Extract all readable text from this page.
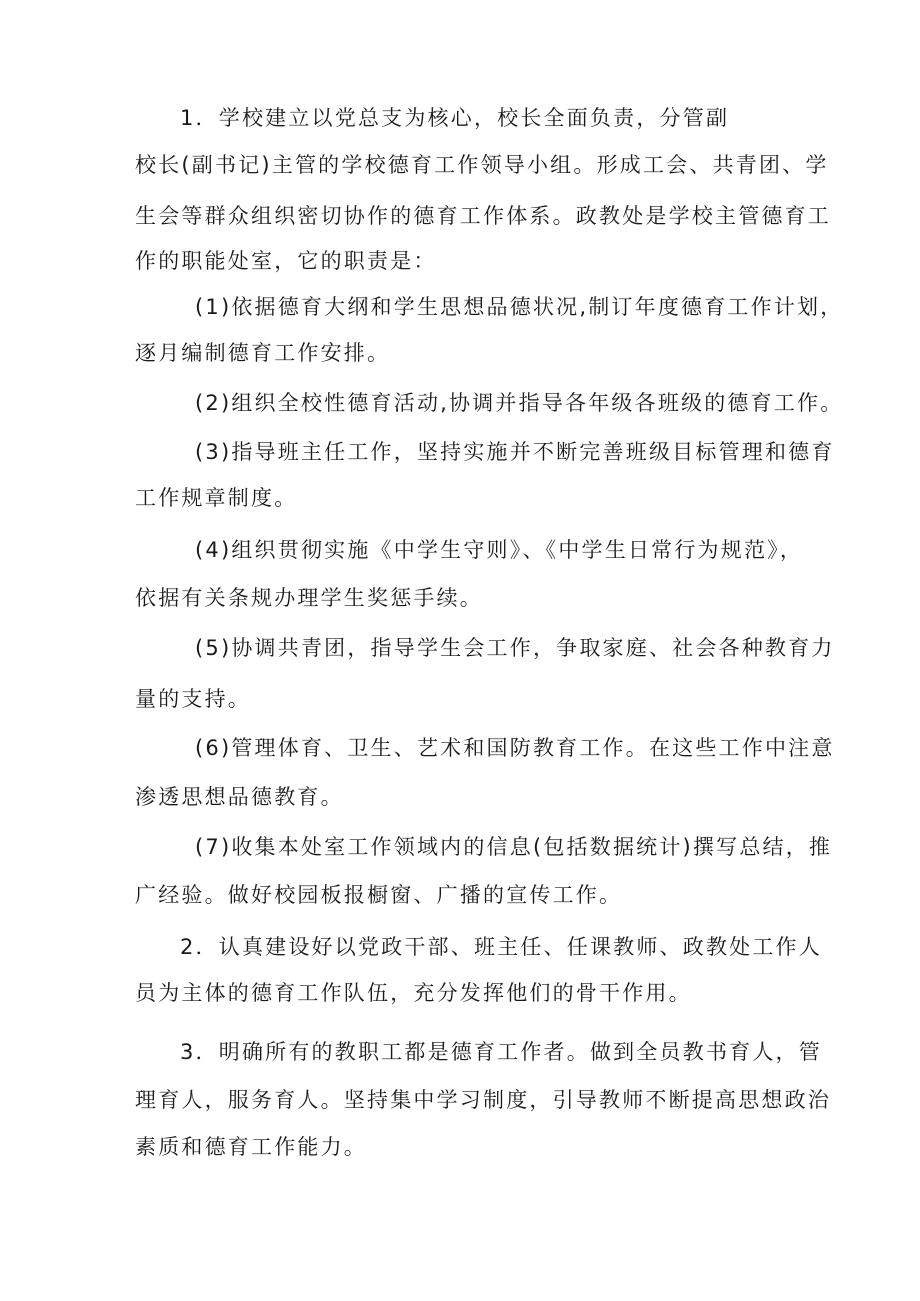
1．学校建立以党总支为核心，校长全面负责，分管副
校长(副书记)主管的学校德育工作领导小组。形成工会、共青团、学
生会等群众组织密切协作的德育工作体系。政教处是学校主管德育工
作的职能处室，它的职责是：
(1)依据德育大纲和学生思想品德状况,制订年度德育工作计划，
逐月编制德育工作安排。
(2)组织全校性德育活动,协调并指导各年级各班级的德育工作。
(3)指导班主任工作，坚持实施并不断完善班级目标管理和德育
工作规章制度。
(4)组织贯彻实施《中学生守则》、《中学生日常行为规范》，
依据有关条规办理学生奖惩手续。
(5)协调共青团，指导学生会工作，争取家庭、社会各种教育力
量的支持。
(6)管理体育、卫生、艺术和国防教育工作。在这些工作中注意
渗透思想品德教育。
(7)收集本处室工作领域内的信息(包括数据统计)撰写总结，推
广经验。做好校园板报橱窗、广播的宣传工作。
2．认真建设好以党政干部、班主任、任课教师、政教处工作人
员为主体的德育工作队伍，充分发挥他们的骨干作用。
3．明确所有的教职工都是德育工作者。做到全员教书育人，管
理育人，服务育人。坚持集中学习制度，引导教师不断提高思想政治
素质和德育工作能力。
